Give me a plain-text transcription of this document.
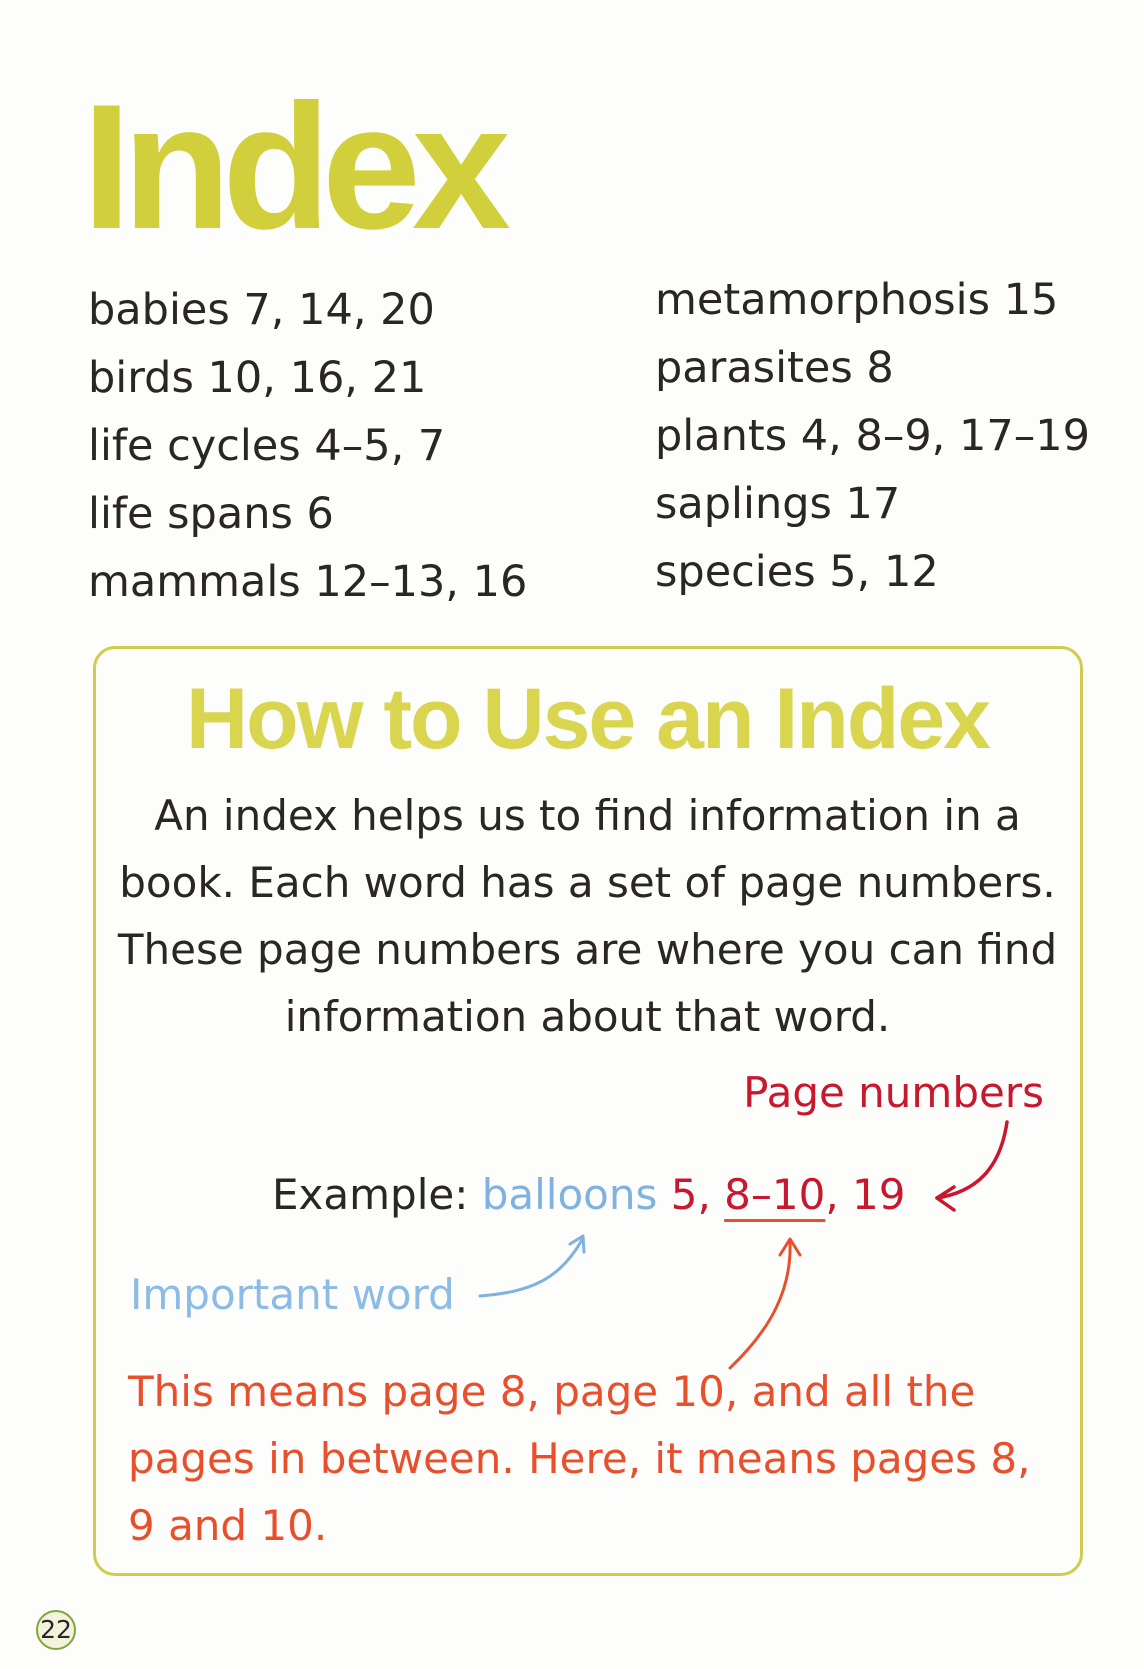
Index
babies 7, 14, 20
birds 10, 16, 21
life cycles 4–5, 7
life spans 6
mammals 12–13, 16
metamorphosis 15
parasites 8
plants 4, 8–9, 17–19
saplings 17
species 5, 12
How to Use an Index

An index helps us to find information in a book. Each word has a set of page numbers. These page numbers are where you can find information about that word.

Page numbers
Example: balloons 5, 8–10, 19
Important word

This means page 8, page 10, and all the pages in between. Here, it means pages 8, 9 and 10.

22
